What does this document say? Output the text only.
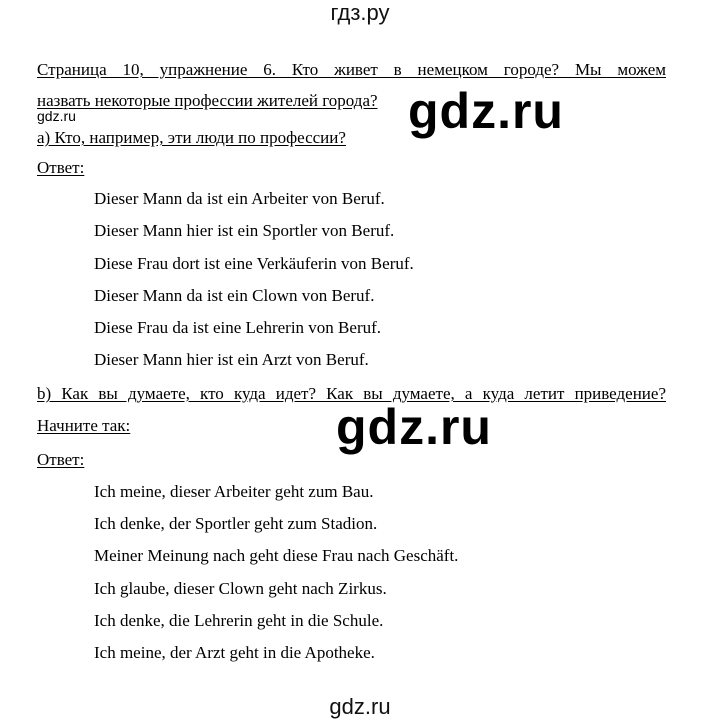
гдз.ру
Страница 10, упражнение 6. Кто живет в немецком городе? Мы можем
назвать некоторые профессии жителей города?
gdz.ru	gdz.ru
а) Кто, например, эти люди по профессии?
Ответ:
Dieser Mann da ist ein Arbeiter von Beruf.
Dieser Mann hier ist ein Sportler von Beruf.
Diese Frau dort ist eine Verkäuferin von Beruf.
Dieser Mann da ist ein Clown von Beruf.
Diese Frau da ist eine Lehrerin von Beruf.
Dieser Mann hier ist ein Arzt von Beruf.
b) Как вы думаете, кто куда идет? Как вы думаете, а куда летит приведение?
Начните так:	gdz.ru
Ответ:
Ich meine, dieser Arbeiter geht zum Bau.
Ich denke, der Sportler geht zum Stadion.
Meiner Meinung nach geht diese Frau nach Geschäft.
Ich glaube, dieser Clown geht nach Zirkus.
Ich denke, die Lehrerin geht in die Schule.
Ich meine, der Arzt geht in die Apotheke.
gdz.ru
